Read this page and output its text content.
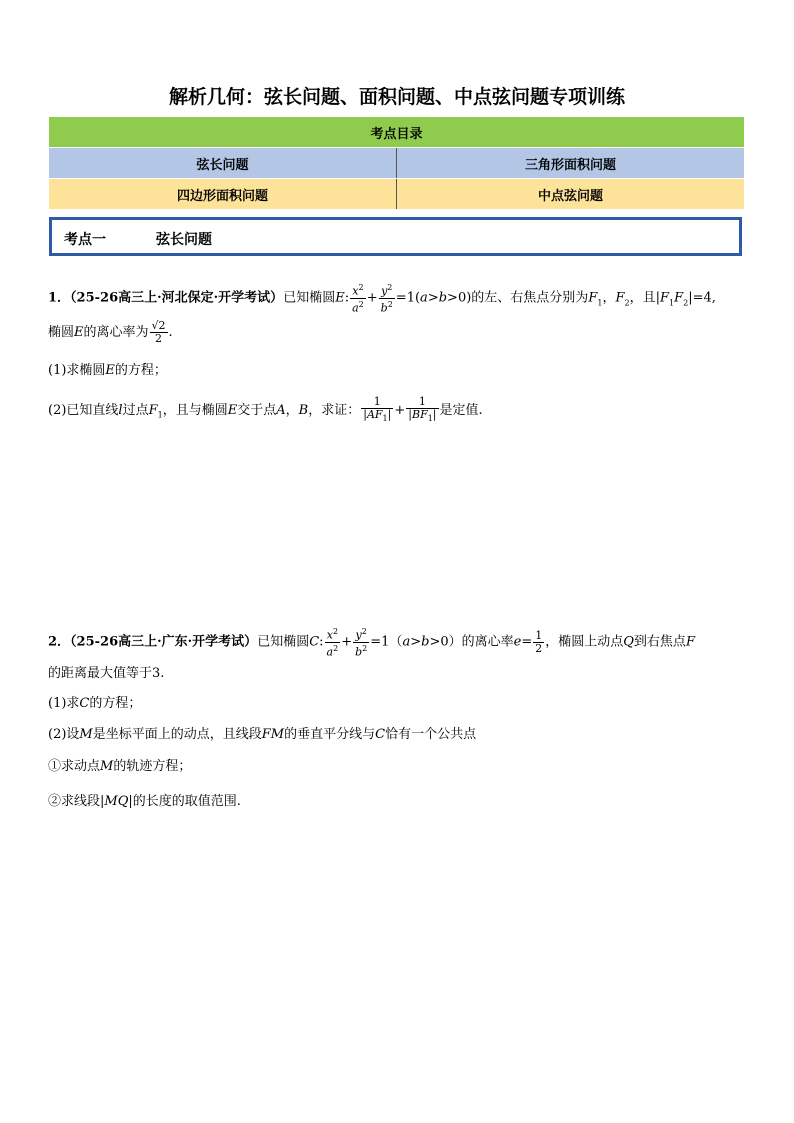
解析几何：弦长问题、面积问题、中点弦问题专项训练
考点目录	
弦长问题	三角形面积问题
四边形面积问题	中点弦问题
考点一	弦长问题
1．（25-26高三上·河北保定·开学考试）已知椭圆E: $\frac{x^2}{a^2} + \frac{y^2}{b^2} =1(a>b>0)$的左、右焦点分别为$F_1$，$F_2$，且$|F_1F_2|=4$,
椭圆E的离心率为 $\frac{√2}{2}$ .
(1)求椭圆E的方程；
(2)已知直线l过点$F_1$，且与椭圆E交于点A，B，求证： $\frac{1}{|AF_1|} + \frac{1}{|BF_1|}$ 是定值.
2．（25-26高三上·广东·开学考试）已知椭圆C: $\frac{x^2}{a^2} + \frac{y^2}{b^2} =1(a>b>0)$的离心率$e= \frac{1}{2}$ ，椭圆上动点Q到右焦点F
的距离最大值等于3.
(1)求C的方程；
(2)设M是坐标平面上的动点，且线段FM的垂直平分线与C恰有一个公共点
①求动点M的轨迹方程；
②求线段|MQ|的长度的取值范围.
